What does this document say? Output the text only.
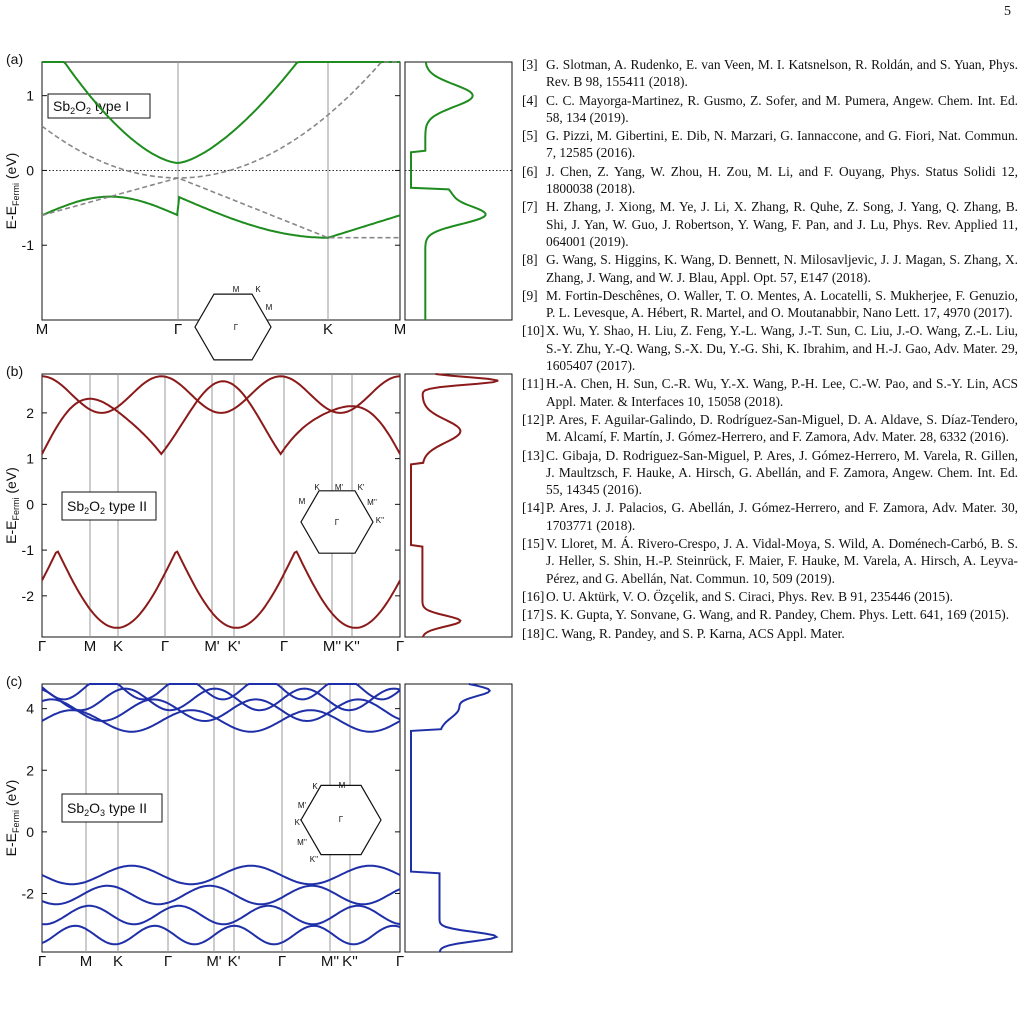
5
1
0
-1
M	Γ	K	M
(a)
$E-E_{Fermi}$ (eV)
$Sb_2O_2$ type I
M K
M
Γ
2
1
0
-1
-2
Γ	M K	Γ M' K'	Γ M'' K'' Γ
(b)
$E-E_{Fermi}$ (eV)
$Sb_2O_2$ type II
K M' K'
M	M''
K''
Γ
4
2
0
-2
Γ M K	Γ M' K' Γ M'' K''	Γ
(c)
$E-E_{Fermi}$ (eV)	$Sb_2O_3$ type II
K	M
M'
K'
M''
K''
Γ
[3] G. Slotman, A. Rudenko, E. van Veen, M. I. Katsnelson, R. Roldán, and S. Yuan, Phys. Rev. B 98, 155411 (2018).
[4] C. C. Mayorga-Martinez, R. Gusmo, Z. Sofer, and M. Pumera, Angew. Chem. Int. Ed. 58, 134 (2019).
[5] G. Pizzi, M. Gibertini, E. Dib, N. Marzari, G. Iannaccone, and G. Fiori, Nat. Commun. 7, 12585 (2016).
[6] J. Chen, Z. Yang, W. Zhou, H. Zou, M. Li, and F. Ouyang, Phys. Status Solidi 12, 1800038 (2018).
[7] H. Zhang, J. Xiong, M. Ye, J. Li, X. Zhang, R. Quhe, Z. Song, J. Yang, Q. Zhang, B. Shi, J. Yan, W. Guo, J. Robertson, Y. Wang, F. Pan, and J. Lu, Phys. Rev. Applied 11, 064001 (2019).
[8] G. Wang, S. Higgins, K. Wang, D. Bennett, N. Milosavljevic, J. J. Magan, S. Zhang, X. Zhang, J. Wang, and W. J. Blau, Appl. Opt. 57, E147 (2018).
[9] M. Fortin-Deschênes, O. Waller, T. O. Mentes, A. Locatelli, S. Mukherjee, F. Genuzio, P. L. Levesque, A. Hébert, R. Martel, and O. Moutanabbir, Nano Lett. 17, 4970 (2017).
[10] X. Wu, Y. Shao, H. Liu, Z. Feng, Y.-L. Wang, J.-T. Sun, C. Liu, J.-O. Wang, Z.-L. Liu, S.-Y. Zhu, Y.-Q. Wang, S.-X. Du, Y.-G. Shi, K. Ibrahim, and H.-J. Gao, Adv. Mater. 29, 1605407 (2017).
[11] H.-A. Chen, H. Sun, C.-R. Wu, Y.-X. Wang, P.-H. Lee, C.-W. Pao, and S.-Y. Lin, ACS Appl. Mater. & Interfaces 10, 15058 (2018).
[12] P. Ares, F. Aguilar-Galindo, D. Rodríguez-San-Miguel, D. A. Aldave, S. Díaz-Tendero, M. Alcamí, F. Martín, J. Gómez-Herrero, and F. Zamora, Adv. Mater. 28, 6332 (2016).
[13] C. Gibaja, D. Rodriguez-San-Miguel, P. Ares, J. Gómez-Herrero, M. Varela, R. Gillen, J. Maultzsch, F. Hauke, A. Hirsch, G. Abellán, and F. Zamora, Angew. Chem. Int. Ed. 55, 14345 (2016).
[14] P. Ares, J. J. Palacios, G. Abellán, J. Gómez-Herrero, and F. Zamora, Adv. Mater. 30, 1703771 (2018).
[15] V. Lloret, M. Á. Rivero-Crespo, J. A. Vidal-Moya, S. Wild, A. Doménech-Carbó, B. S. J. Heller, S. Shin, H.-P. Steinrück, F. Maier, F. Hauke, M. Varela, A. Hirsch, A. Leyva-Pérez, and G. Abellán, Nat. Commun. 10, 509 (2019).
[16] O. U. Aktürk, V. O. Özçelik, and S. Ciraci, Phys. Rev. B 91, 235446 (2015).
[17] S. K. Gupta, Y. Sonvane, G. Wang, and R. Pandey, Chem. Phys. Lett. 641, 169 (2015).
[18] C. Wang, R. Pandey, and S. P. Karna, ACS Appl. Mater.
